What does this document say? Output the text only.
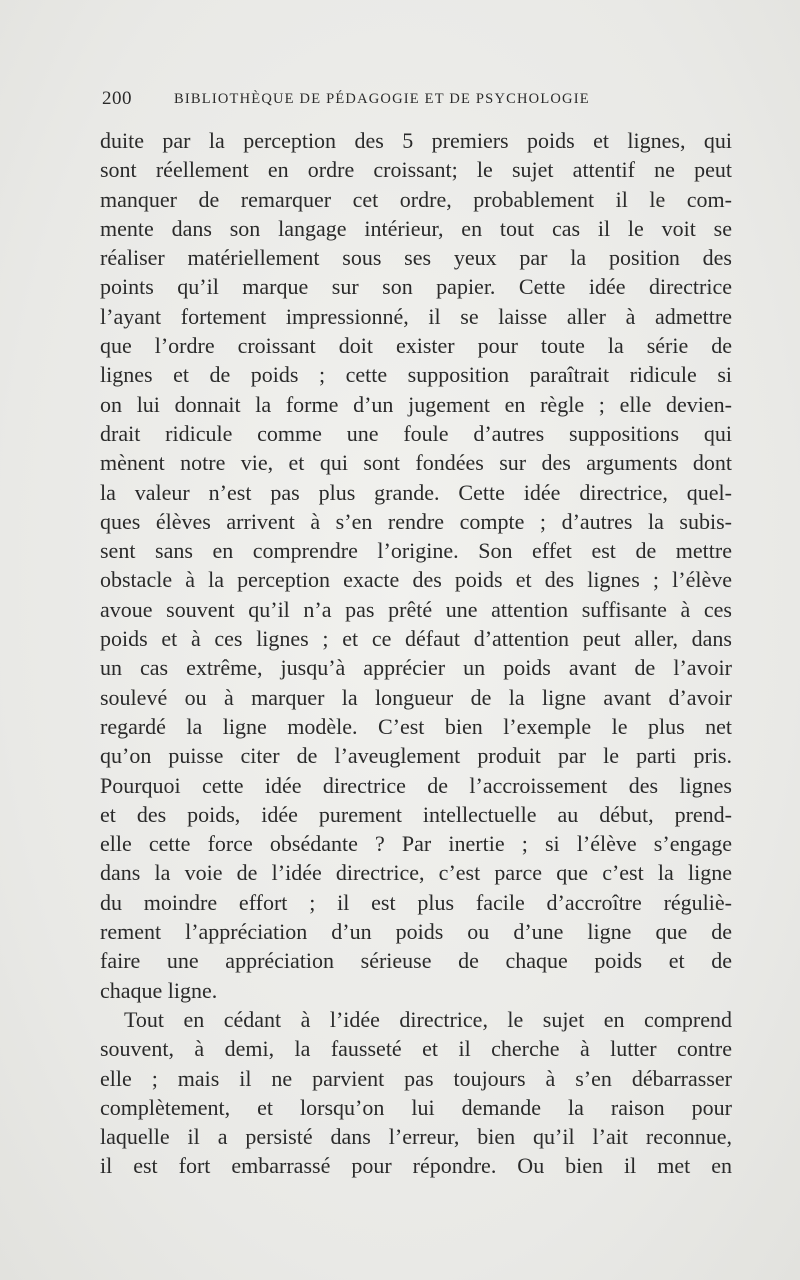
200	BIBLIOTHÈQUE DE PÉDAGOGIE ET DE PSYCHOLOGIE
duite par la perception des 5 premiers poids et lignes, qui
sont réellement en ordre croissant; le sujet attentif ne peut
manquer de remarquer cet ordre, probablement il le com-
mente dans son langage intérieur, en tout cas il le voit se
réaliser matériellement sous ses yeux par la position des
points qu’il marque sur son papier. Cette idée directrice
l’ayant fortement impressionné, il se laisse aller à admettre
que l’ordre croissant doit exister pour toute la série de
lignes et de poids ; cette supposition paraîtrait ridicule si
on lui donnait la forme d’un jugement en règle ; elle devien-
drait ridicule comme une foule d’autres suppositions qui
mènent notre vie, et qui sont fondées sur des arguments dont
la valeur n’est pas plus grande. Cette idée directrice, quel-
ques élèves arrivent à s’en rendre compte ; d’autres la subis-
sent sans en comprendre l’origine. Son effet est de mettre
obstacle à la perception exacte des poids et des lignes ; l’élève
avoue souvent qu’il n’a pas prêté une attention suffisante à ces
poids et à ces lignes ; et ce défaut d’attention peut aller, dans
un cas extrême, jusqu’à apprécier un poids avant de l’avoir
soulevé ou à marquer la longueur de la ligne avant d’avoir
regardé la ligne modèle. C’est bien l’exemple le plus net
qu’on puisse citer de l’aveuglement produit par le parti pris.
Pourquoi cette idée directrice de l’accroissement des lignes
et des poids, idée purement intellectuelle au début, prend-
elle cette force obsédante ? Par inertie ; si l’élève s’engage
dans la voie de l’idée directrice, c’est parce que c’est la ligne
du moindre effort ; il est plus facile d’accroître réguliè-
rement l’appréciation d’un poids ou d’une ligne que de
faire une appréciation sérieuse de chaque poids et de
chaque ligne.
Tout en cédant à l’idée directrice, le sujet en comprend
souvent, à demi, la fausseté et il cherche à lutter contre
elle ; mais il ne parvient pas toujours à s’en débarrasser
complètement, et lorsqu’on lui demande la raison pour
laquelle il a persisté dans l’erreur, bien qu’il l’ait reconnue,
il est fort embarrassé pour répondre. Ou bien il met en
